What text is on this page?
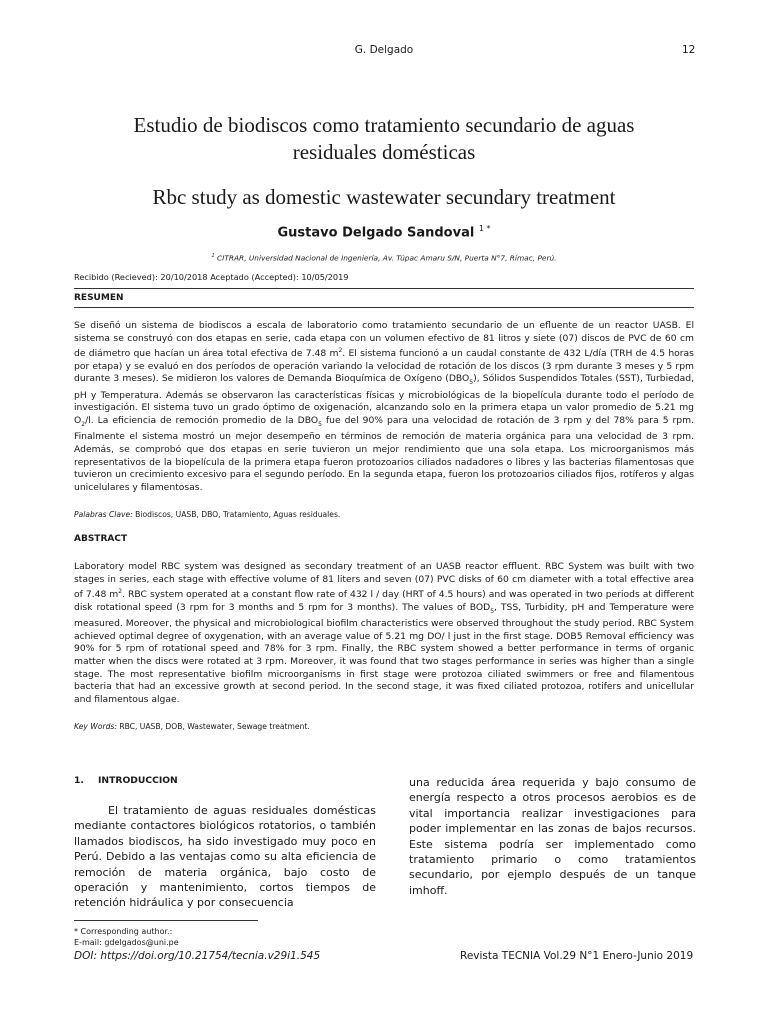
G. Delgado	12
Estudio de biodiscos como tratamiento secundario de aguas
residuales domésticas
Rbc study as domestic wastewater secundary treatment
Gustavo Delgado Sandoval $^{1 *}$
$^1$ CITRAR, Universidad Nacional de Ingeniería, Av. Túpac Amaru S/N, Puerta N°7, Rímac, Perú.
Recibido (Recieved): 20/10/2018 Aceptado (Accepted): 10/05/2019
RESUMEN
Se diseñó un sistema de biodiscos a escala de laboratorio como tratamiento secundario de un efluente de un reactor UASB. El sistema se construyó con dos etapas en serie, cada etapa con un volumen efectivo de 81 litros y siete (07) discos de PVC de 60 cm de diámetro que hacían un área total efectiva de 7.48 $m^2$. El sistema funcionó a un caudal constante de 432 L/día (TRH de 4.5 horas por etapa) y se evaluó en dos períodos de operación variando la velocidad de rotación de los discos (3 rpm durante 3 meses y 5 rpm durante 3 meses). Se midieron los valores de Demanda Bioquímica de Oxígeno $(DBO_5)$, Sólidos Suspendidos Totales (SST), Turbiedad, pH y Temperatura. Además se observaron las características físicas y microbiológicas de la biopelícula durante todo el período de investigación. El sistema tuvo un grado óptimo de oxigenación, alcanzando solo en la primera etapa un valor promedio de 5.21 mg $O_2/l$. La eficiencia de remoción promedio de la $DBO_5$ fue del 90% para una velocidad de rotación de 3 rpm y del 78% para 5 rpm. Finalmente el sistema mostró un mejor desempeño en términos de remoción de materia orgánica para una velocidad de 3 rpm. Además, se comprobó que dos etapas en serie tuvieron un mejor rendimiento que una sola etapa. Los microorganismos más representativos de la biopelícula de la primera etapa fueron protozoarios ciliados nadadores o libres y las bacterias filamentosas que tuvieron un crecimiento excesivo para el segundo período. En la segunda etapa, fueron los protozoarios ciliados fijos, rotíferos y algas unicelulares y filamentosas.
Palabras Clave: Biodiscos, UASB, DBO, Tratamiento, Aguas residuales.
ABSTRACT
Laboratory model RBC system was designed as secondary treatment of an UASB reactor effluent. RBC System was built with two stages in series, each stage with effective volume of 81 liters and seven (07) PVC disks of 60 cm diameter with a total effective area of 7.48 $m^2$. RBC system operated at a constant flow rate of 432 l / day (HRT of 4.5 hours) and was operated in two periods at different disk rotational speed (3 rpm for 3 months and 5 rpm for 3 months). The values of $BOD_5$, TSS, Turbidity, pH and Temperature were measured. Moreover, the physical and microbiological biofilm characteristics were observed throughout the study period. RBC System achieved optimal degree of oxygenation, with an average value of 5.21 mg DO/ l just in the first stage. DOB5 Removal efficiency was 90% for 5 rpm of rotational speed and 78% for 3 rpm. Finally, the RBC system showed a better performance in terms of organic matter when the discs were rotated at 3 rpm. Moreover, it was found that two stages performance in series was higher than a single stage. The most representative biofilm microorganisms in first stage were protozoa ciliated swimmers or free and filamentous bacteria that had an excessive growth at second period. In the second stage, it was fixed ciliated protozoa, rotifers and unicellular and filamentous algae.
Key Words: RBC, UASB, DOB, Wastewater, Sewage treatment.
1. INTRODUCCION
El tratamiento de aguas residuales domésticas mediante contactores biológicos rotatorios, o también llamados biodiscos, ha sido investigado muy poco en Perú. Debido a las ventajas como su alta eficiencia de remoción de materia orgánica, bajo costo de operación y mantenimiento, cortos tiempos de retención hidráulica y por consecuencia
una reducida área requerida y bajo consumo de energía respecto a otros procesos aerobios es de vital importancia realizar investigaciones para poder implementar en las zonas de bajos recursos. Este sistema podría ser implementado como tratamiento primario o como tratamientos secundario, por ejemplo después de un tanque imhoff.
* Corresponding author.:
E-mail: gdelgados@uni.pe
DOI: https://doi.org/10.21754/tecnia.v29i1.545	Revista TECNIA Vol.29 N°1 Enero-Junio 2019
